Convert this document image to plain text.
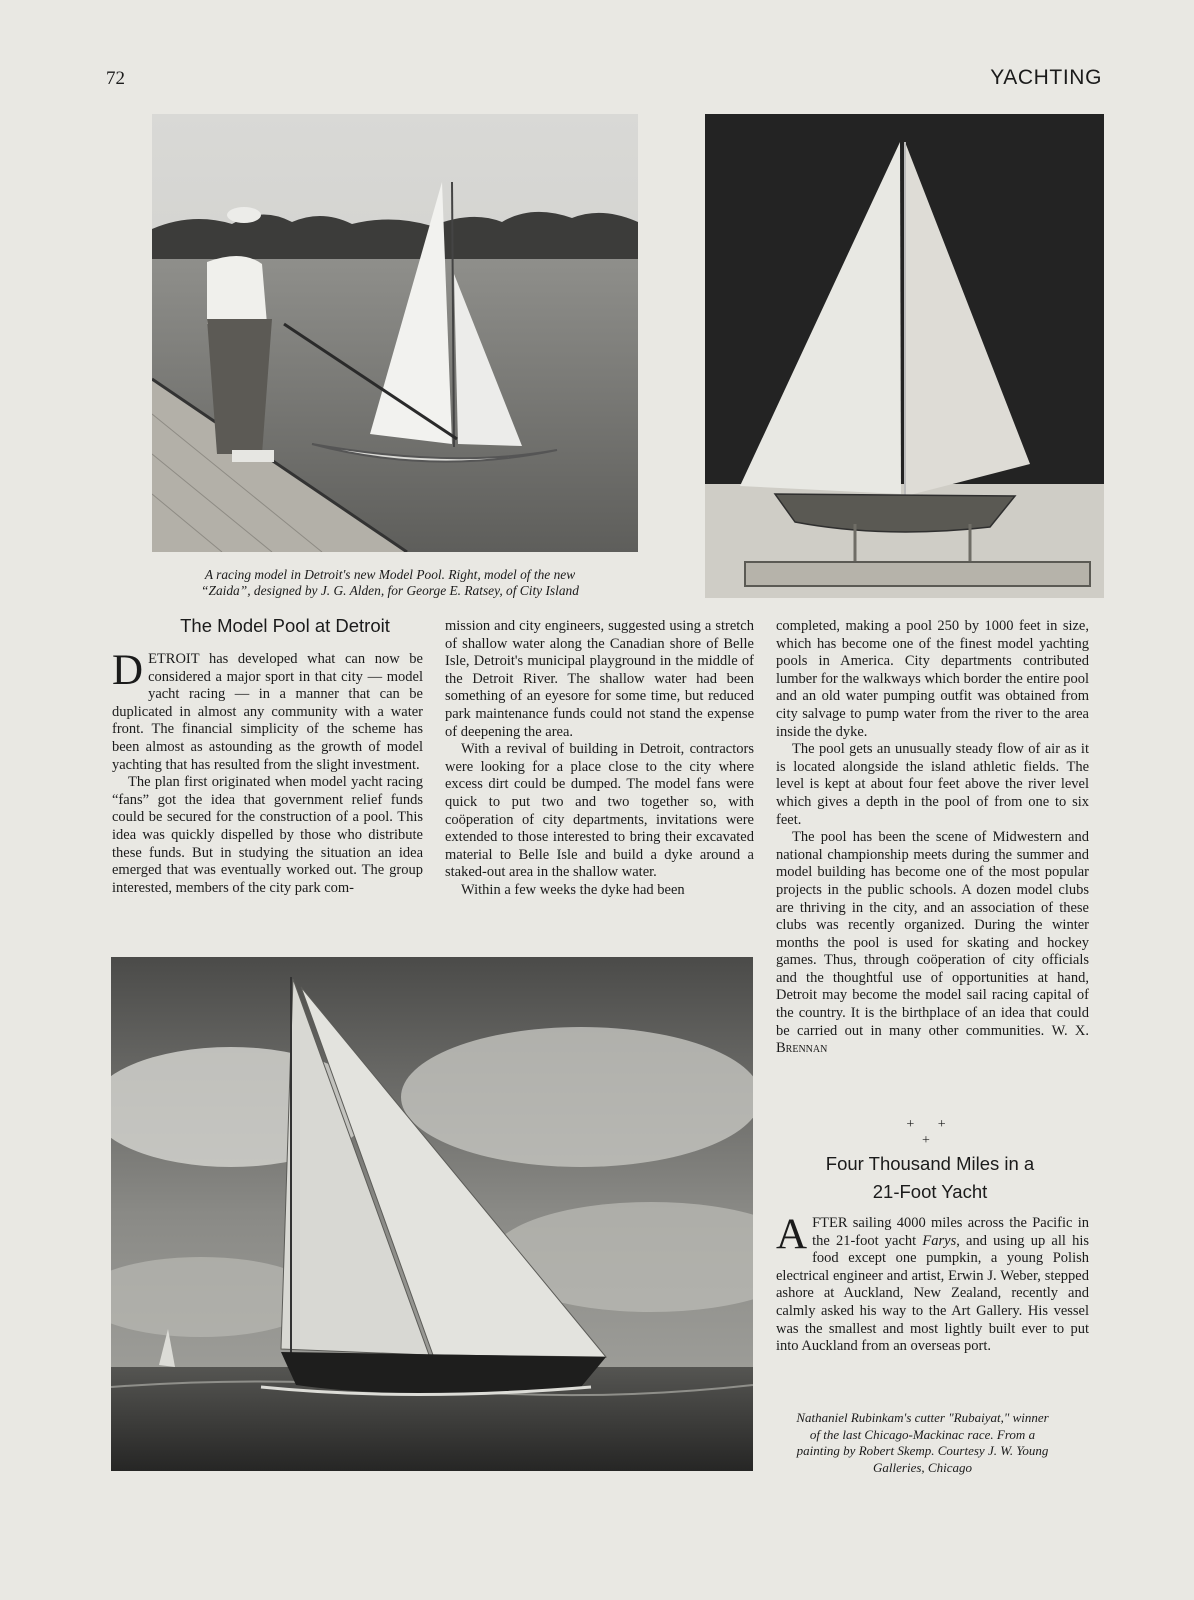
72	YACHTING
A racing model in Detroit's new Model Pool. Right, model of the new
“Zaida”, designed by J. G. Alden, for George E. Ratsey, of City Island
The Model Pool at Detroit

DETROIT has developed what can now be considered a major sport in that city — model yacht racing — in a manner that can be duplicated in almost any community with a water front. The financial simplicity of the scheme has been almost as astounding as the growth of model yachting that has resulted from the slight investment.

The plan first originated when model yacht racing “fans” got the idea that government relief funds could be secured for the construction of a pool. This idea was quickly dispelled by those who distribute these funds. But in studying the situation an idea emerged that was eventually worked out. The group interested, members of the city park com-

mission and city engineers, suggested using a stretch of shallow water along the Canadian shore of Belle Isle, Detroit's municipal playground in the middle of the Detroit River. The shallow water had been something of an eyesore for some time, but reduced park maintenance funds could not stand the expense of deepening the area.

With a revival of building in Detroit, contractors were looking for a place close to the city where excess dirt could be dumped. The model fans were quick to put two and two together so, with coöperation of city departments, invitations were extended to those interested to bring their excavated material to Belle Isle and build a dyke around a staked-out area in the shallow water.

Within a few weeks the dyke had been

completed, making a pool 250 by 1000 feet in size, which has become one of the finest model yachting pools in America. City departments contributed lumber for the walkways which border the entire pool and an old water pumping outfit was obtained from city salvage to pump water from the river to the area inside the dyke.

The pool gets an unusually steady flow of air as it is located alongside the island athletic fields. The level is kept at about four feet above the river level which gives a depth in the pool of from one to six feet.

The pool has been the scene of Midwestern and national championship meets during the summer and model building has become one of the most popular projects in the public schools. A dozen model clubs are thriving in the city, and an association of these clubs was recently organized. During the winter months the pool is used for skating and hockey games. Thus, through coöperation of city officials and the thoughtful use of opportunities at hand, Detroit may become the model sail racing capital of the country. It is the birthplace of an idea that could be carried out in many other communities. W. X. Brennan

+ + +
Four Thousand Miles in a
21-Foot Yacht

AFTER sailing 4000 miles across the Pacific in the 21-foot yacht Farys, and using up all his food except one pumpkin, a young Polish electrical engineer and artist, Erwin J. Weber, stepped ashore at Auckland, New Zealand, recently and calmly asked his way to the Art Gallery. His vessel was the smallest and most lightly built ever to put into Auckland from an overseas port.

Nathaniel Rubinkam's cutter "Rubaiyat," winner of the last Chicago-Mackinac race. From a painting by Robert Skemp. Courtesy J. W. Young Galleries, Chicago
